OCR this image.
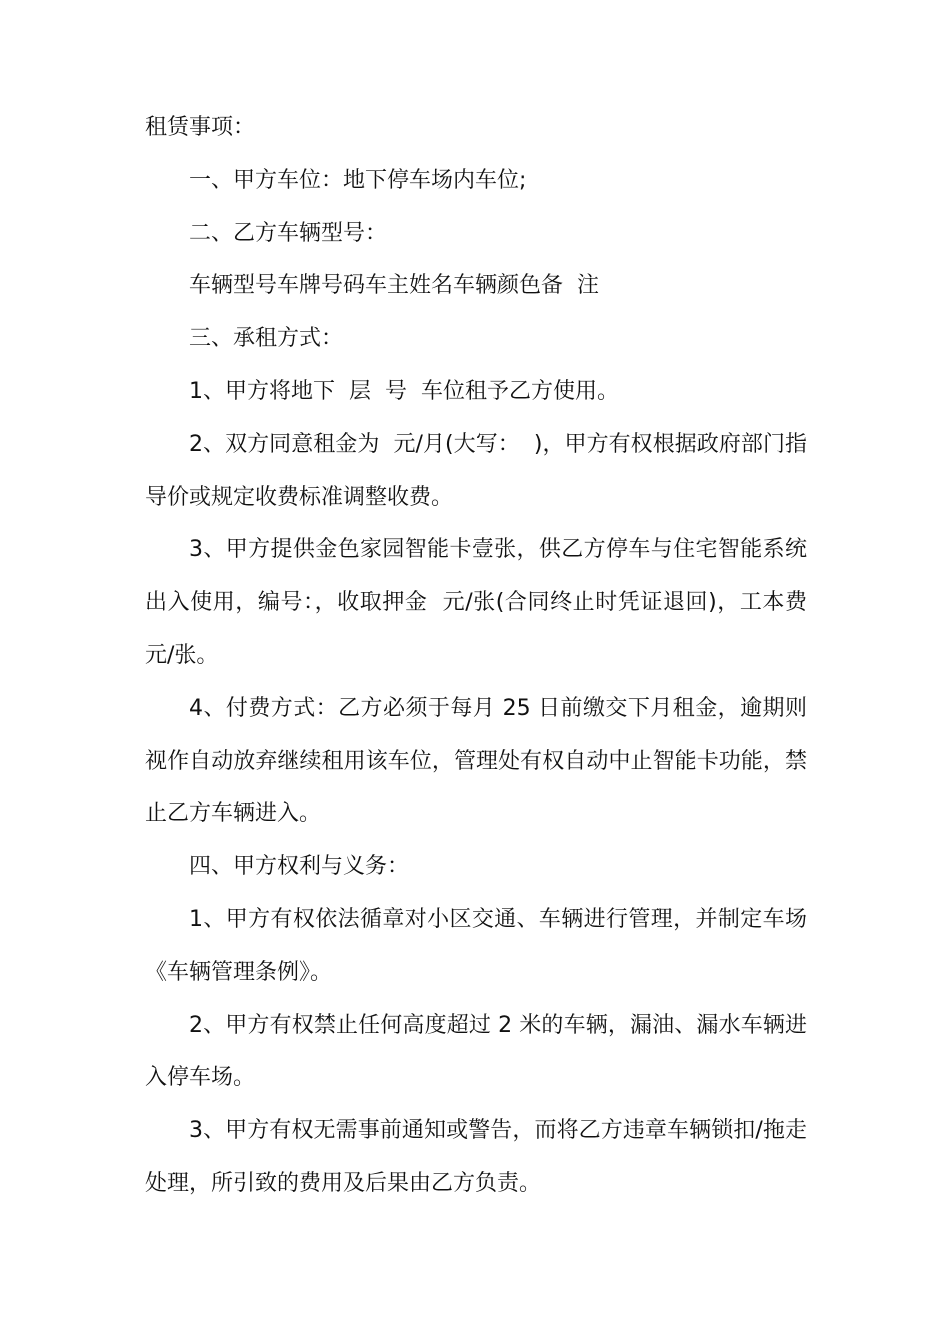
租赁事项：

一、甲方车位：地下停车场内车位;

二、乙方车辆型号：

车辆型号车牌号码车主姓名车辆颜色备  注

三、承租方式：

1、甲方将地下  层  号  车位租予乙方使用。

2、双方同意租金为  元/月(大写：  )，甲方有权根据政府部门指导价或规定收费标准调整收费。

3、甲方提供金色家园智能卡壹张，供乙方停车与住宅智能系统出入使用，编号：，收取押金  元/张(合同终止时凭证退回)，工本费  元/张。

4、付费方式：乙方必须于每月 25 日前缴交下月租金，逾期则视作自动放弃继续租用该车位，管理处有权自动中止智能卡功能，禁止乙方车辆进入。

四、甲方权利与义务：

1、甲方有权依法循章对小区交通、车辆进行管理，并制定车场《车辆管理条例》。

2、甲方有权禁止任何高度超过 2 米的车辆，漏油、漏水车辆进入停车场。

3、甲方有权无需事前通知或警告，而将乙方违章车辆锁扣/拖走处理，所引致的费用及后果由乙方负责。
